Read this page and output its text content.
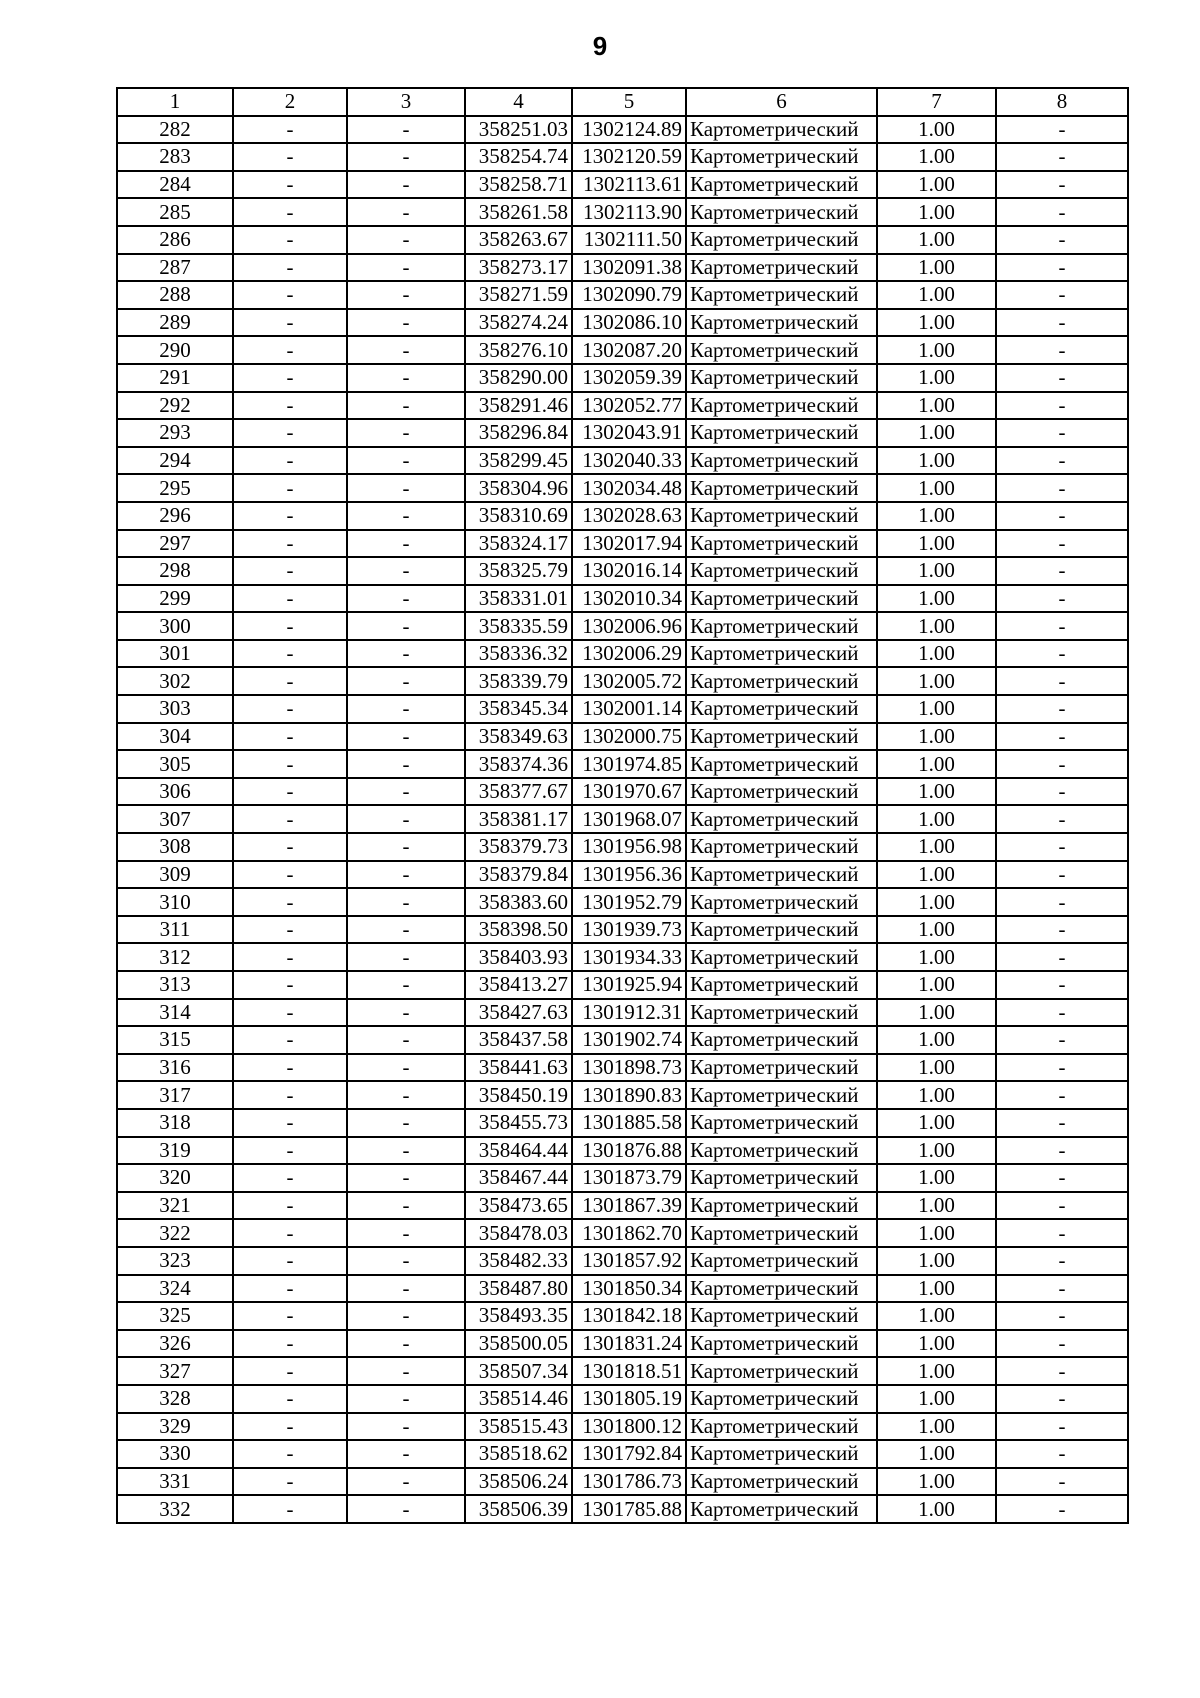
9
1	2	3	4	5	6	7	8
282	-	-	358251.03	1302124.89	Картометрический	1.00	-
283	-	-	358254.74	1302120.59	Картометрический	1.00	-
284	-	-	358258.71	1302113.61	Картометрический	1.00	-
285	-	-	358261.58	1302113.90	Картометрический	1.00	-
286	-	-	358263.67	1302111.50	Картометрический	1.00	-
287	-	-	358273.17	1302091.38	Картометрический	1.00	-
288	-	-	358271.59	1302090.79	Картометрический	1.00	-
289	-	-	358274.24	1302086.10	Картометрический	1.00	-
290	-	-	358276.10	1302087.20	Картометрический	1.00	-
291	-	-	358290.00	1302059.39	Картометрический	1.00	-
292	-	-	358291.46	1302052.77	Картометрический	1.00	-
293	-	-	358296.84	1302043.91	Картометрический	1.00	-
294	-	-	358299.45	1302040.33	Картометрический	1.00	-
295	-	-	358304.96	1302034.48	Картометрический	1.00	-
296	-	-	358310.69	1302028.63	Картометрический	1.00	-
297	-	-	358324.17	1302017.94	Картометрический	1.00	-
298	-	-	358325.79	1302016.14	Картометрический	1.00	-
299	-	-	358331.01	1302010.34	Картометрический	1.00	-
300	-	-	358335.59	1302006.96	Картометрический	1.00	-
301	-	-	358336.32	1302006.29	Картометрический	1.00	-
302	-	-	358339.79	1302005.72	Картометрический	1.00	-
303	-	-	358345.34	1302001.14	Картометрический	1.00	-
304	-	-	358349.63	1302000.75	Картометрический	1.00	-
305	-	-	358374.36	1301974.85	Картометрический	1.00	-
306	-	-	358377.67	1301970.67	Картометрический	1.00	-
307	-	-	358381.17	1301968.07	Картометрический	1.00	-
308	-	-	358379.73	1301956.98	Картометрический	1.00	-
309	-	-	358379.84	1301956.36	Картометрический	1.00	-
310	-	-	358383.60	1301952.79	Картометрический	1.00	-
311	-	-	358398.50	1301939.73	Картометрический	1.00	-
312	-	-	358403.93	1301934.33	Картометрический	1.00	-
313	-	-	358413.27	1301925.94	Картометрический	1.00	-
314	-	-	358427.63	1301912.31	Картометрический	1.00	-
315	-	-	358437.58	1301902.74	Картометрический	1.00	-
316	-	-	358441.63	1301898.73	Картометрический	1.00	-
317	-	-	358450.19	1301890.83	Картометрический	1.00	-
318	-	-	358455.73	1301885.58	Картометрический	1.00	-
319	-	-	358464.44	1301876.88	Картометрический	1.00	-
320	-	-	358467.44	1301873.79	Картометрический	1.00	-
321	-	-	358473.65	1301867.39	Картометрический	1.00	-
322	-	-	358478.03	1301862.70	Картометрический	1.00	-
323	-	-	358482.33	1301857.92	Картометрический	1.00	-
324	-	-	358487.80	1301850.34	Картометрический	1.00	-
325	-	-	358493.35	1301842.18	Картометрический	1.00	-
326	-	-	358500.05	1301831.24	Картометрический	1.00	-
327	-	-	358507.34	1301818.51	Картометрический	1.00	-
328	-	-	358514.46	1301805.19	Картометрический	1.00	-
329	-	-	358515.43	1301800.12	Картометрический	1.00	-
330	-	-	358518.62	1301792.84	Картометрический	1.00	-
331	-	-	358506.24	1301786.73	Картометрический	1.00	-
332	-	-	358506.39	1301785.88	Картометрический	1.00	-
